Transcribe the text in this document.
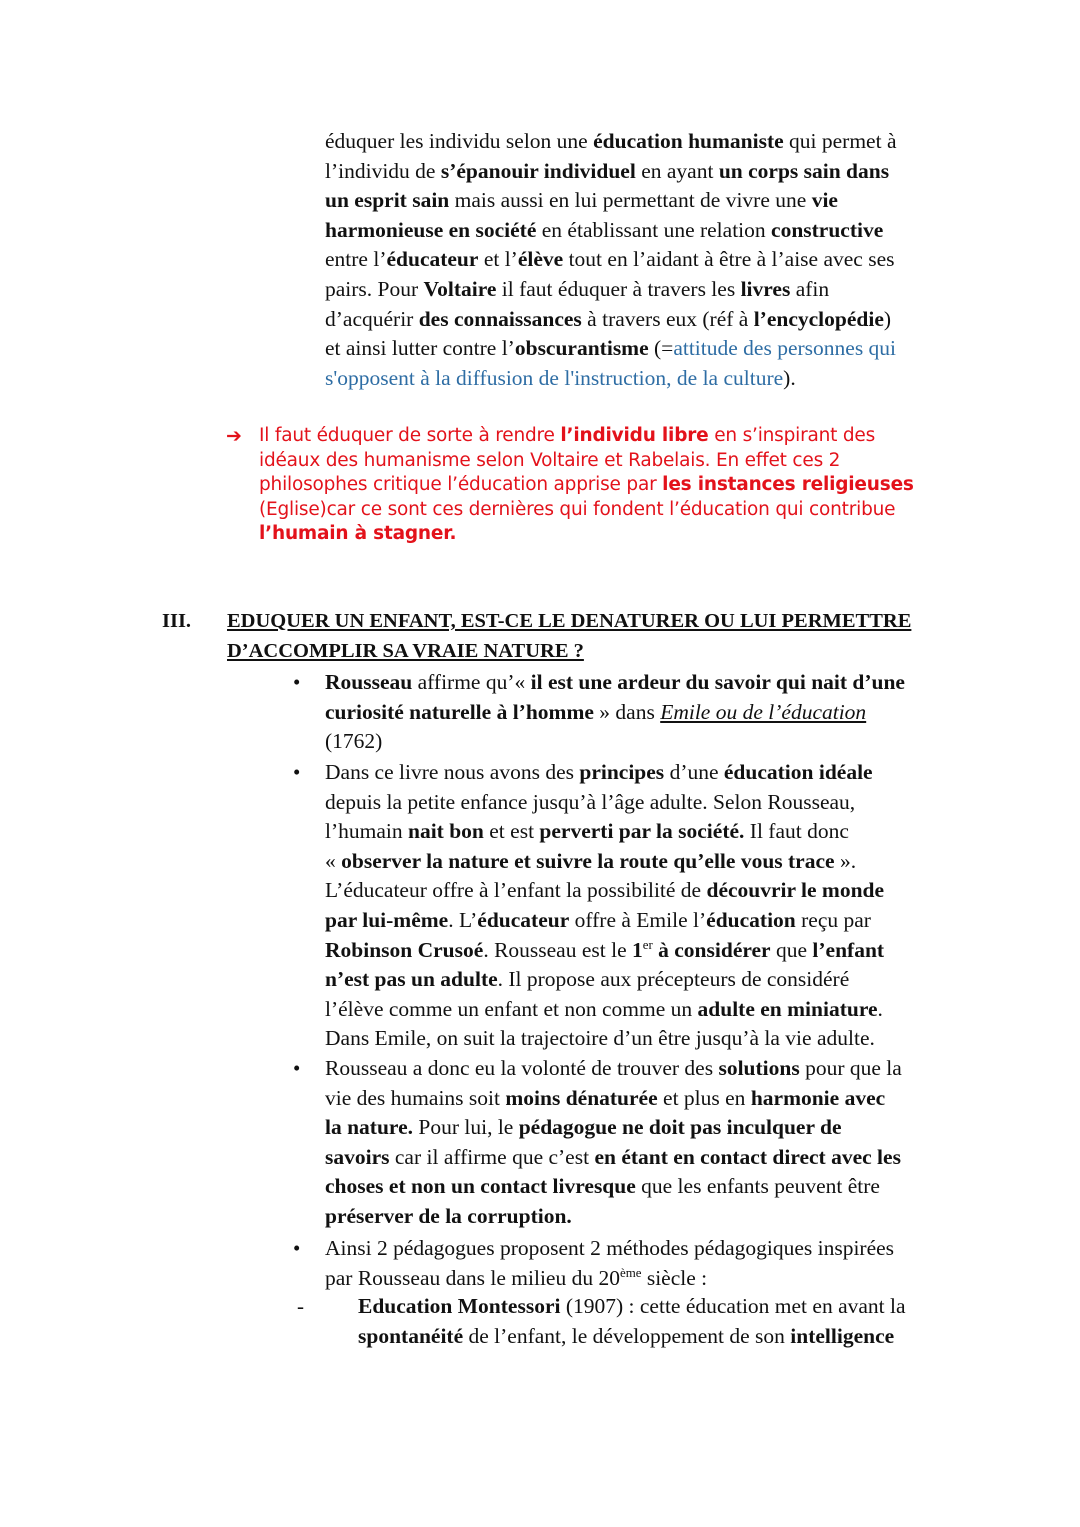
éduquer les individu selon une éducation humaniste qui permet à
l’individu de s’épanouir individuel en ayant un corps sain dans
un esprit sain mais aussi en lui permettant de vivre une vie
harmonieuse en société en établissant une relation constructive
entre l’éducateur et l’élève tout en l’aidant à être à l’aise avec ses
pairs. Pour Voltaire il faut éduquer à travers les livres afin
d’acquérir des connaissances à travers eux (réf à l’encyclopédie)
et ainsi lutter contre l’obscurantisme (=attitude des personnes qui
s'opposent à la diffusion de l'instruction, de la culture).
➔ Il faut éduquer de sorte à rendre l’individu libre en s’inspirant des
idéaux des humanisme selon Voltaire et Rabelais. En effet ces 2
philosophes critique l’éducation apprise par les instances religieuses
(Eglise)car ce sont ces dernières qui fondent l’éducation qui contribue
l’humain à stagner.
III. EDUQUER UN ENFANT, EST-CE LE DENATURER OU LUI PERMETTRE
D’ACCOMPLIR SA VRAIE NATURE ?
• Rousseau affirme qu’« il est une ardeur du savoir qui nait d’une
curiosité naturelle à l’homme » dans Emile ou de l’éducation
(1762)
• Dans ce livre nous avons des principes d’une éducation idéale
depuis la petite enfance jusqu’à l’âge adulte. Selon Rousseau,
l’humain nait bon et est perverti par la société. Il faut donc
« observer la nature et suivre la route qu’elle vous trace ».
L’éducateur offre à l’enfant la possibilité de découvrir le monde
par lui-même. L’éducateur offre à Emile l’éducation reçu par
Robinson Crusoé. Rousseau est le 1er à considérer que l’enfant
n’est pas un adulte. Il propose aux précepteurs de considéré
l’élève comme un enfant et non comme un adulte en miniature.
Dans Emile, on suit la trajectoire d’un être jusqu’à la vie adulte.
• Rousseau a donc eu la volonté de trouver des solutions pour que la
vie des humains soit moins dénaturée et plus en harmonie avec
la nature. Pour lui, le pédagogue ne doit pas inculquer de
savoirs car il affirme que c’est en étant en contact direct avec les
choses et non un contact livresque que les enfants peuvent être
préserver de la corruption.
• Ainsi 2 pédagogues proposent 2 méthodes pédagogiques inspirées
par Rousseau dans le milieu du 20ème siècle :
-	Education Montessori (1907) : cette éducation met en avant la
spontanéité de l’enfant, le développement de son intelligence
